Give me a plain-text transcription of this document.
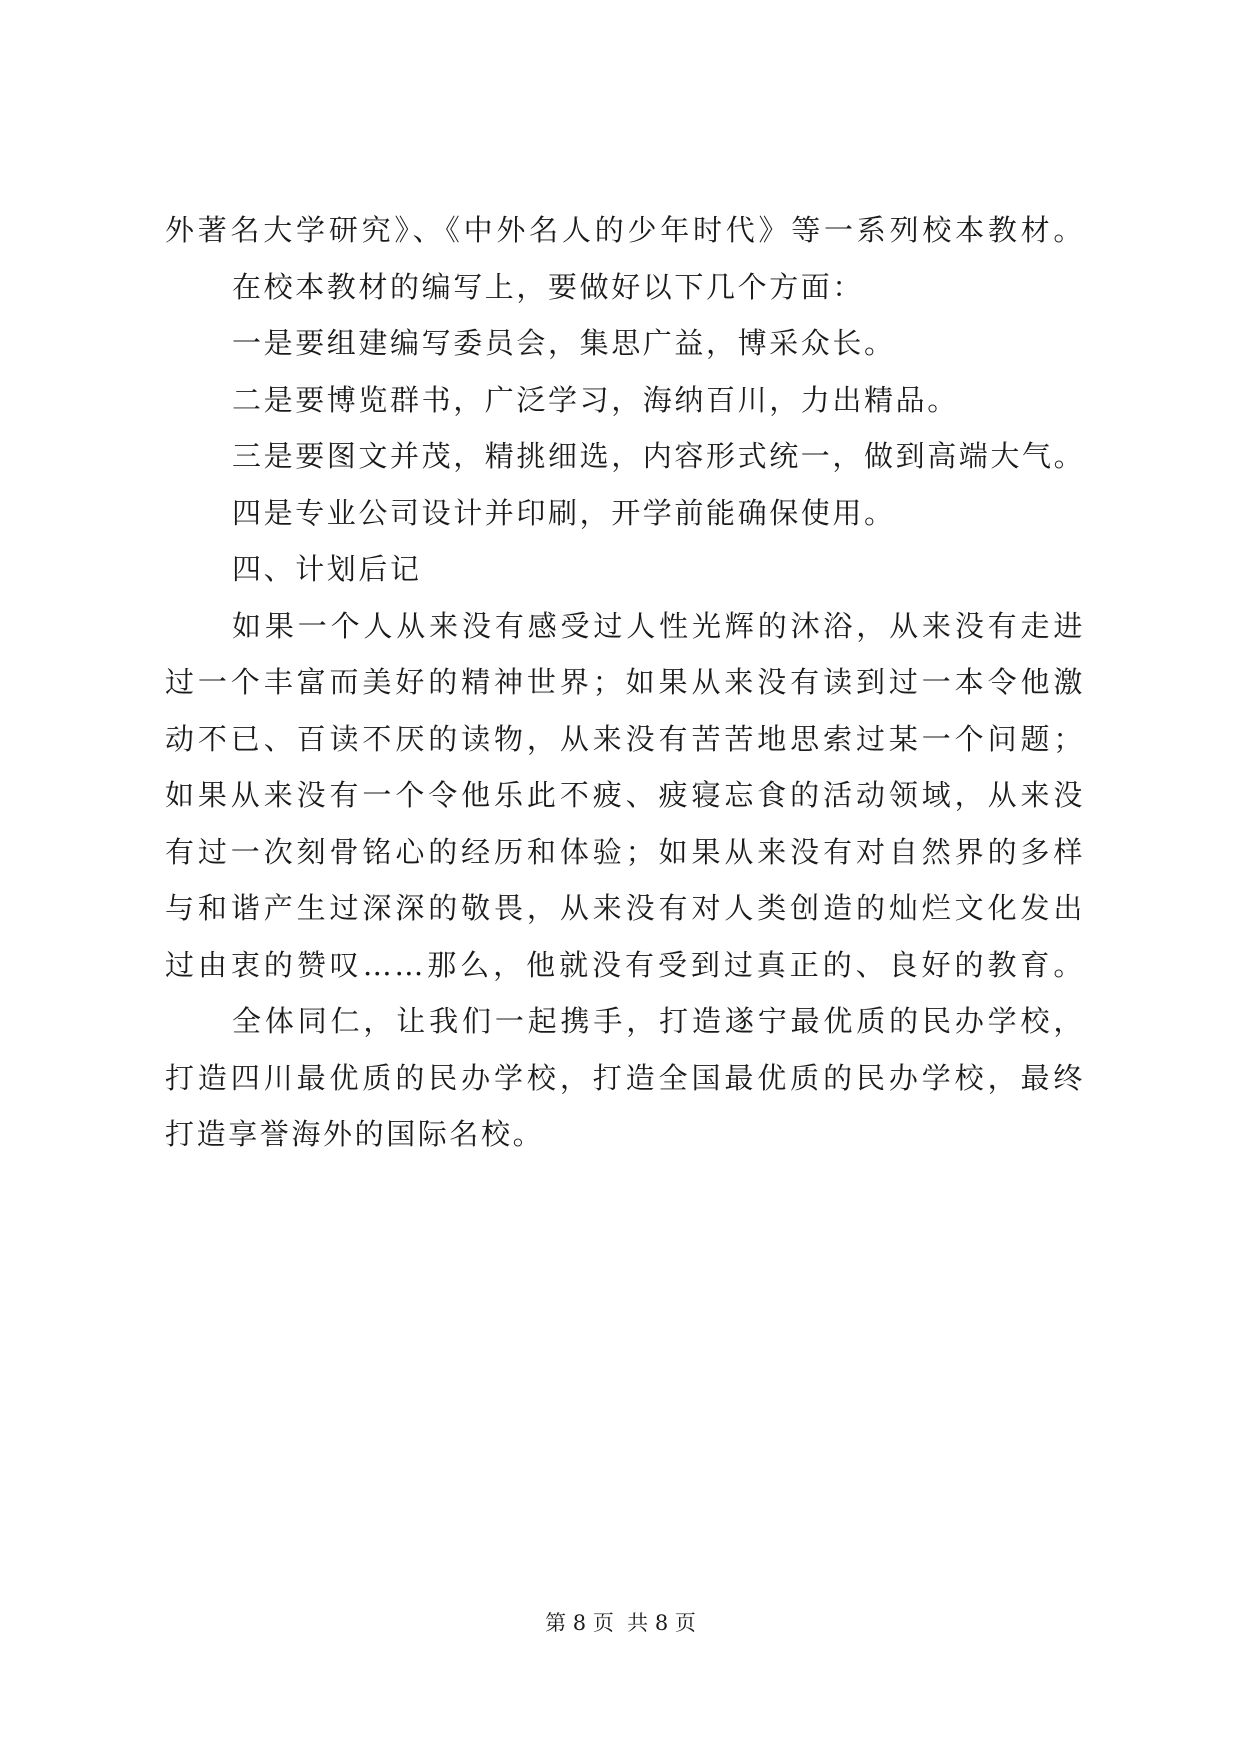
外著名大学研究》、《中外名人的少年时代》等一系列校本教材。
在校本教材的编写上，要做好以下几个方面：
一是要组建编写委员会，集思广益，博采众长。
二是要博览群书，广泛学习，海纳百川，力出精品。
三是要图文并茂，精挑细选，内容形式统一，做到高端大气。
四是专业公司设计并印刷，开学前能确保使用。
四、计划后记
如果一个人从来没有感受过人性光辉的沐浴，从来没有走进
过一个丰富而美好的精神世界；如果从来没有读到过一本令他激
动不已、百读不厌的读物，从来没有苦苦地思索过某一个问题；
如果从来没有一个令他乐此不疲、疲寝忘食的活动领域，从来没
有过一次刻骨铭心的经历和体验；如果从来没有对自然界的多样
与和谐产生过深深的敬畏，从来没有对人类创造的灿烂文化发出
过由衷的赞叹……那么，他就没有受到过真正的、良好的教育。
全体同仁，让我们一起携手，打造遂宁最优质的民办学校，
打造四川最优质的民办学校，打造全国最优质的民办学校，最终
打造享誉海外的国际名校。
第 8 页  共 8 页
